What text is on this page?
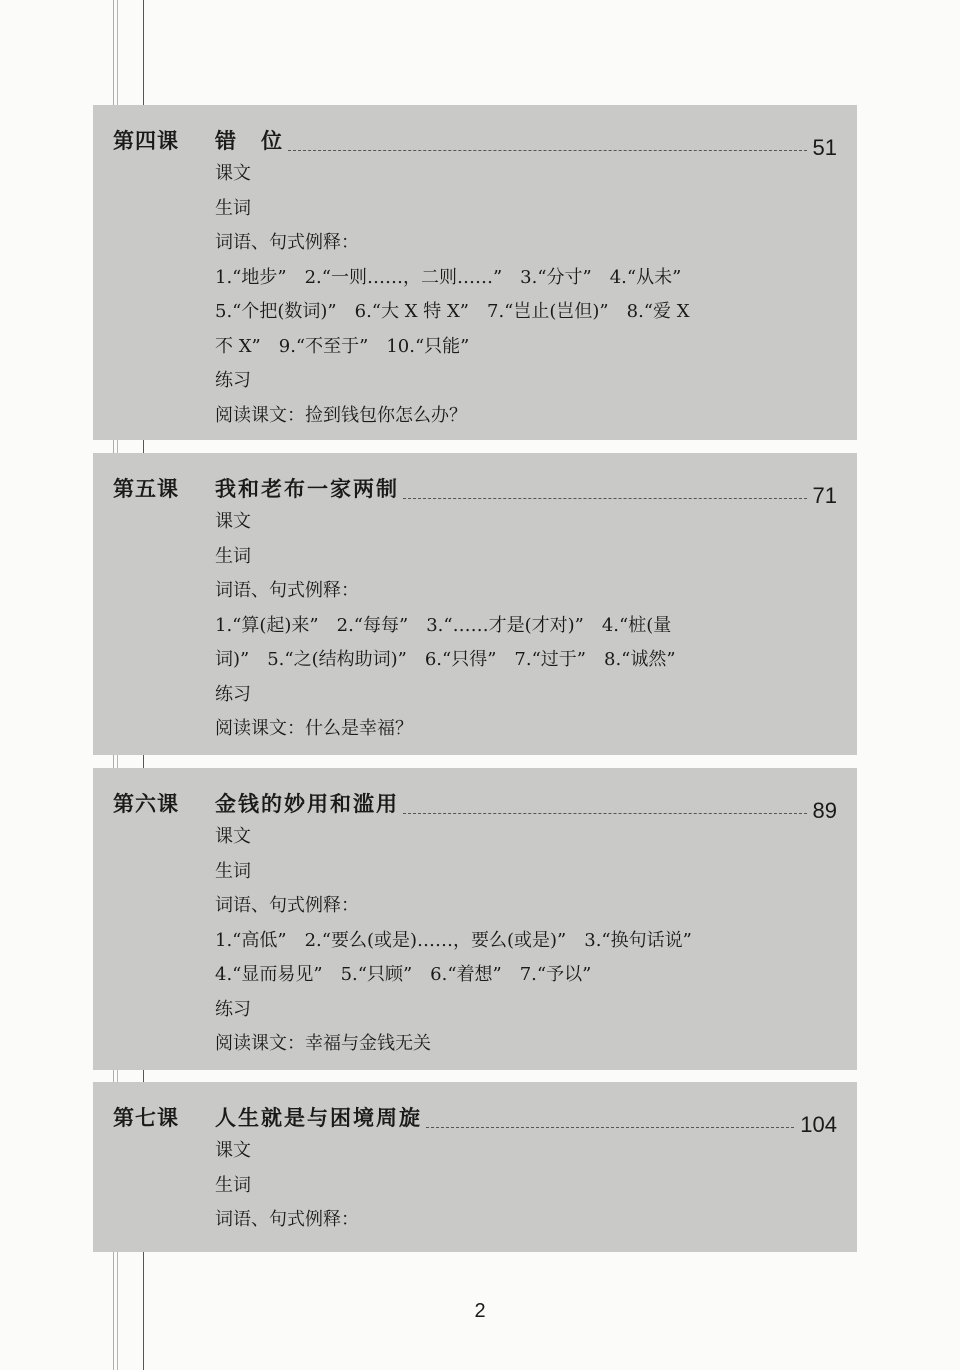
第四课	错　位	51
课文
生词
词语、句式例释：
1.“地步”　2.“一则……，二则……”　3.“分寸”　4.“从未”
5.“个把(数词)”　6.“大 X 特 X”　7.“岂止(岂但)”　8.“爱 X
不 X”　9.“不至于”　10.“只能”
练习
阅读课文：捡到钱包你怎么办？
第五课	我和老布一家两制	71
课文
生词
词语、句式例释：
1.“算(起)来”　2.“每每”　3.“……才是(才对)”　4.“桩(量
词)”　5.“之(结构助词)”　6.“只得”　7.“过于”　8.“诚然”
练习
阅读课文：什么是幸福？
第六课	金钱的妙用和滥用	89
课文
生词
词语、句式例释：
1.“高低”　2.“要么(或是)……，要么(或是)”　3.“换句话说”
4.“显而易见”　5.“只顾”　6.“着想”　7.“予以”
练习
阅读课文：幸福与金钱无关
第七课	人生就是与困境周旋	104
课文
生词
词语、句式例释：
2
